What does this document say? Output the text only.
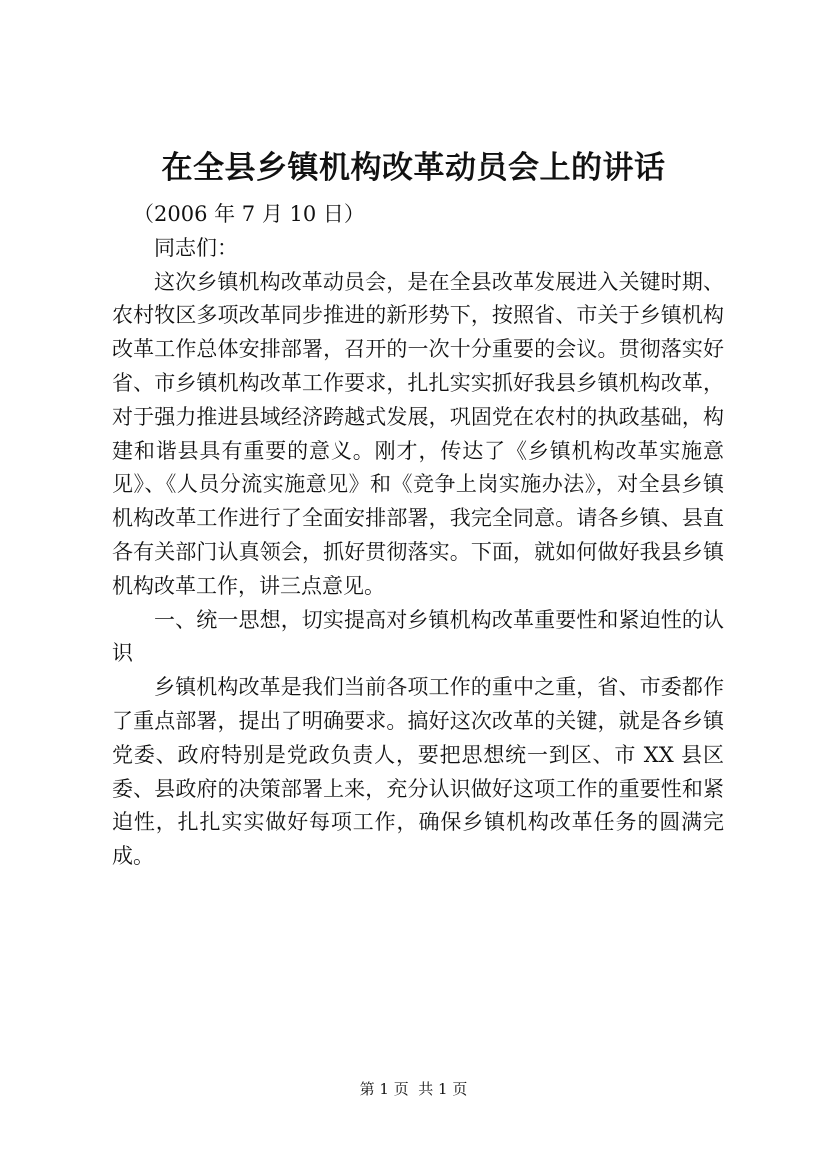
在全县乡镇机构改革动员会上的讲话

（2006 年 7 月 10 日）

同志们：

这次乡镇机构改革动员会，是在全县改革发展进入关键时期、农村牧区多项改革同步推进的新形势下，按照省、市关于乡镇机构改革工作总体安排部署，召开的一次十分重要的会议。贯彻落实好省、市乡镇机构改革工作要求，扎扎实实抓好我县乡镇机构改革，对于强力推进县域经济跨越式发展，巩固党在农村的执政基础，构建和谐县具有重要的意义。刚才，传达了《乡镇机构改革实施意见》、《人员分流实施意见》和《竞争上岗实施办法》，对全县乡镇机构改革工作进行了全面安排部署，我完全同意。请各乡镇、县直各有关部门认真领会，抓好贯彻落实。下面，就如何做好我县乡镇机构改革工作，讲三点意见。

一、统一思想，切实提高对乡镇机构改革重要性和紧迫性的认识

乡镇机构改革是我们当前各项工作的重中之重，省、市委都作了重点部署，提出了明确要求。搞好这次改革的关键，就是各乡镇党委、政府特别是党政负责人，要把思想统一到区、市 XX 县区委、县政府的决策部署上来，充分认识做好这项工作的重要性和紧迫性，扎扎实实做好每项工作，确保乡镇机构改革任务的圆满完成。

第 1 页  共 1 页
